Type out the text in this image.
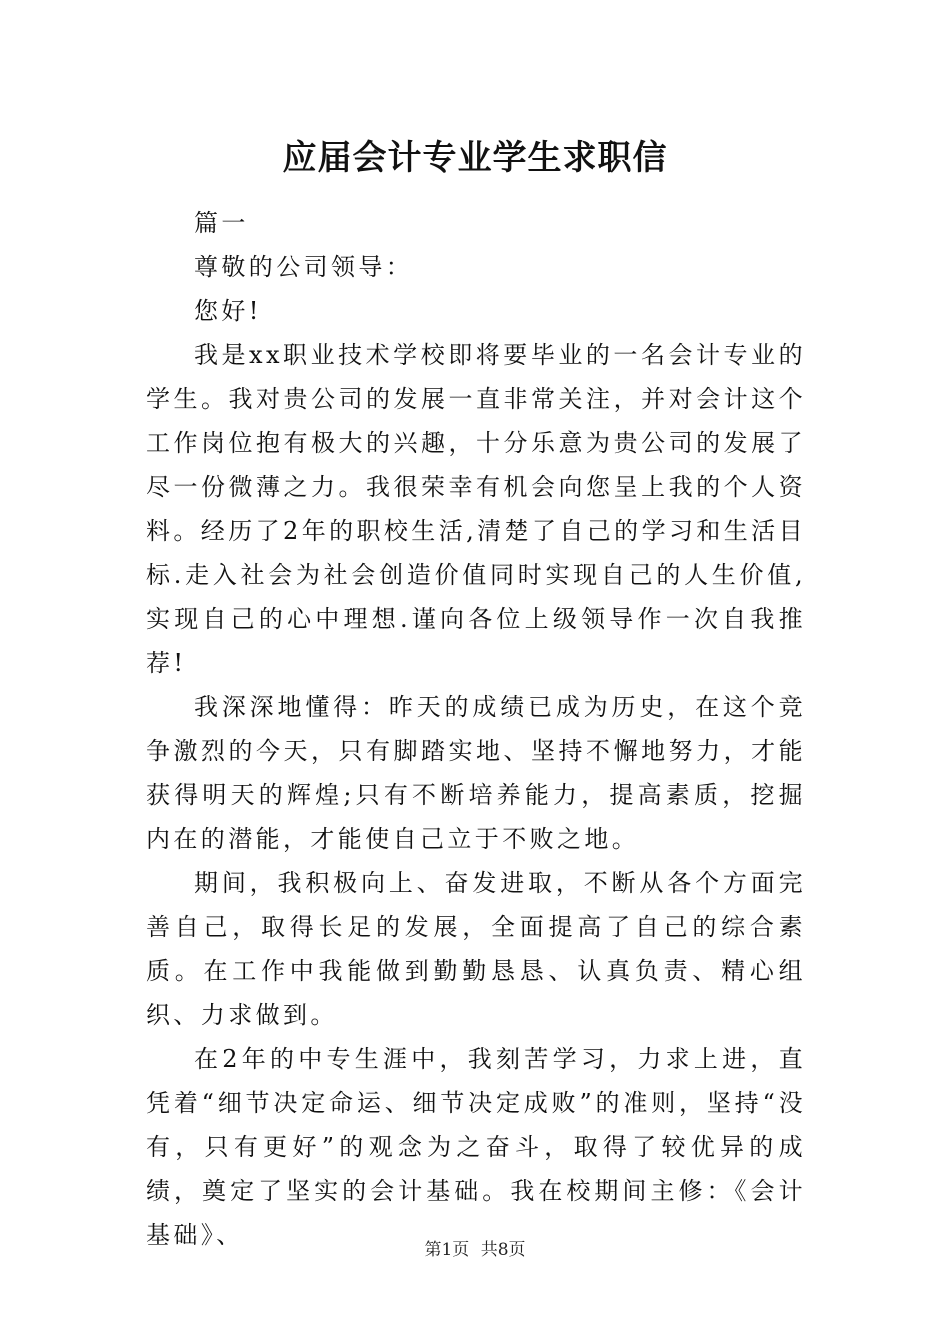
应届会计专业学生求职信

篇一

尊敬的公司领导：

您好!

我是xx职业技术学校即将要毕业的一名会计专业的学生。我对贵公司的发展一直非常关注，并对会计这个工作岗位抱有极大的兴趣，十分乐意为贵公司的发展了尽一份微薄之力。我很荣幸有机会向您呈上我的个人资料。经历了2年的职校生活,清楚了自己的学习和生活目标.走入社会为社会创造价值同时实现自己的人生价值,实现自己的心中理想.谨向各位上级领导作一次自我推荐!

我深深地懂得：昨天的成绩已成为历史，在这个竞争激烈的今天，只有脚踏实地、坚持不懈地努力，才能获得明天的辉煌;只有不断培养能力，提高素质，挖掘内在的潜能，才能使自己立于不败之地。

期间，我积极向上、奋发进取，不断从各个方面完善自己，取得长足的发展，全面提高了自己的综合素质。在工作中我能做到勤勤恳恳、认真负责、精心组织、力求做到。

在2年的中专生涯中，我刻苦学习，力求上进，直凭着“细节决定命运、细节决定成败”的准则，坚持“没有，只有更好”的观念为之奋斗，取得了较优异的成绩，奠定了坚实的会计基础。我在校期间主修：《会计基础》、

第1页 共8页
